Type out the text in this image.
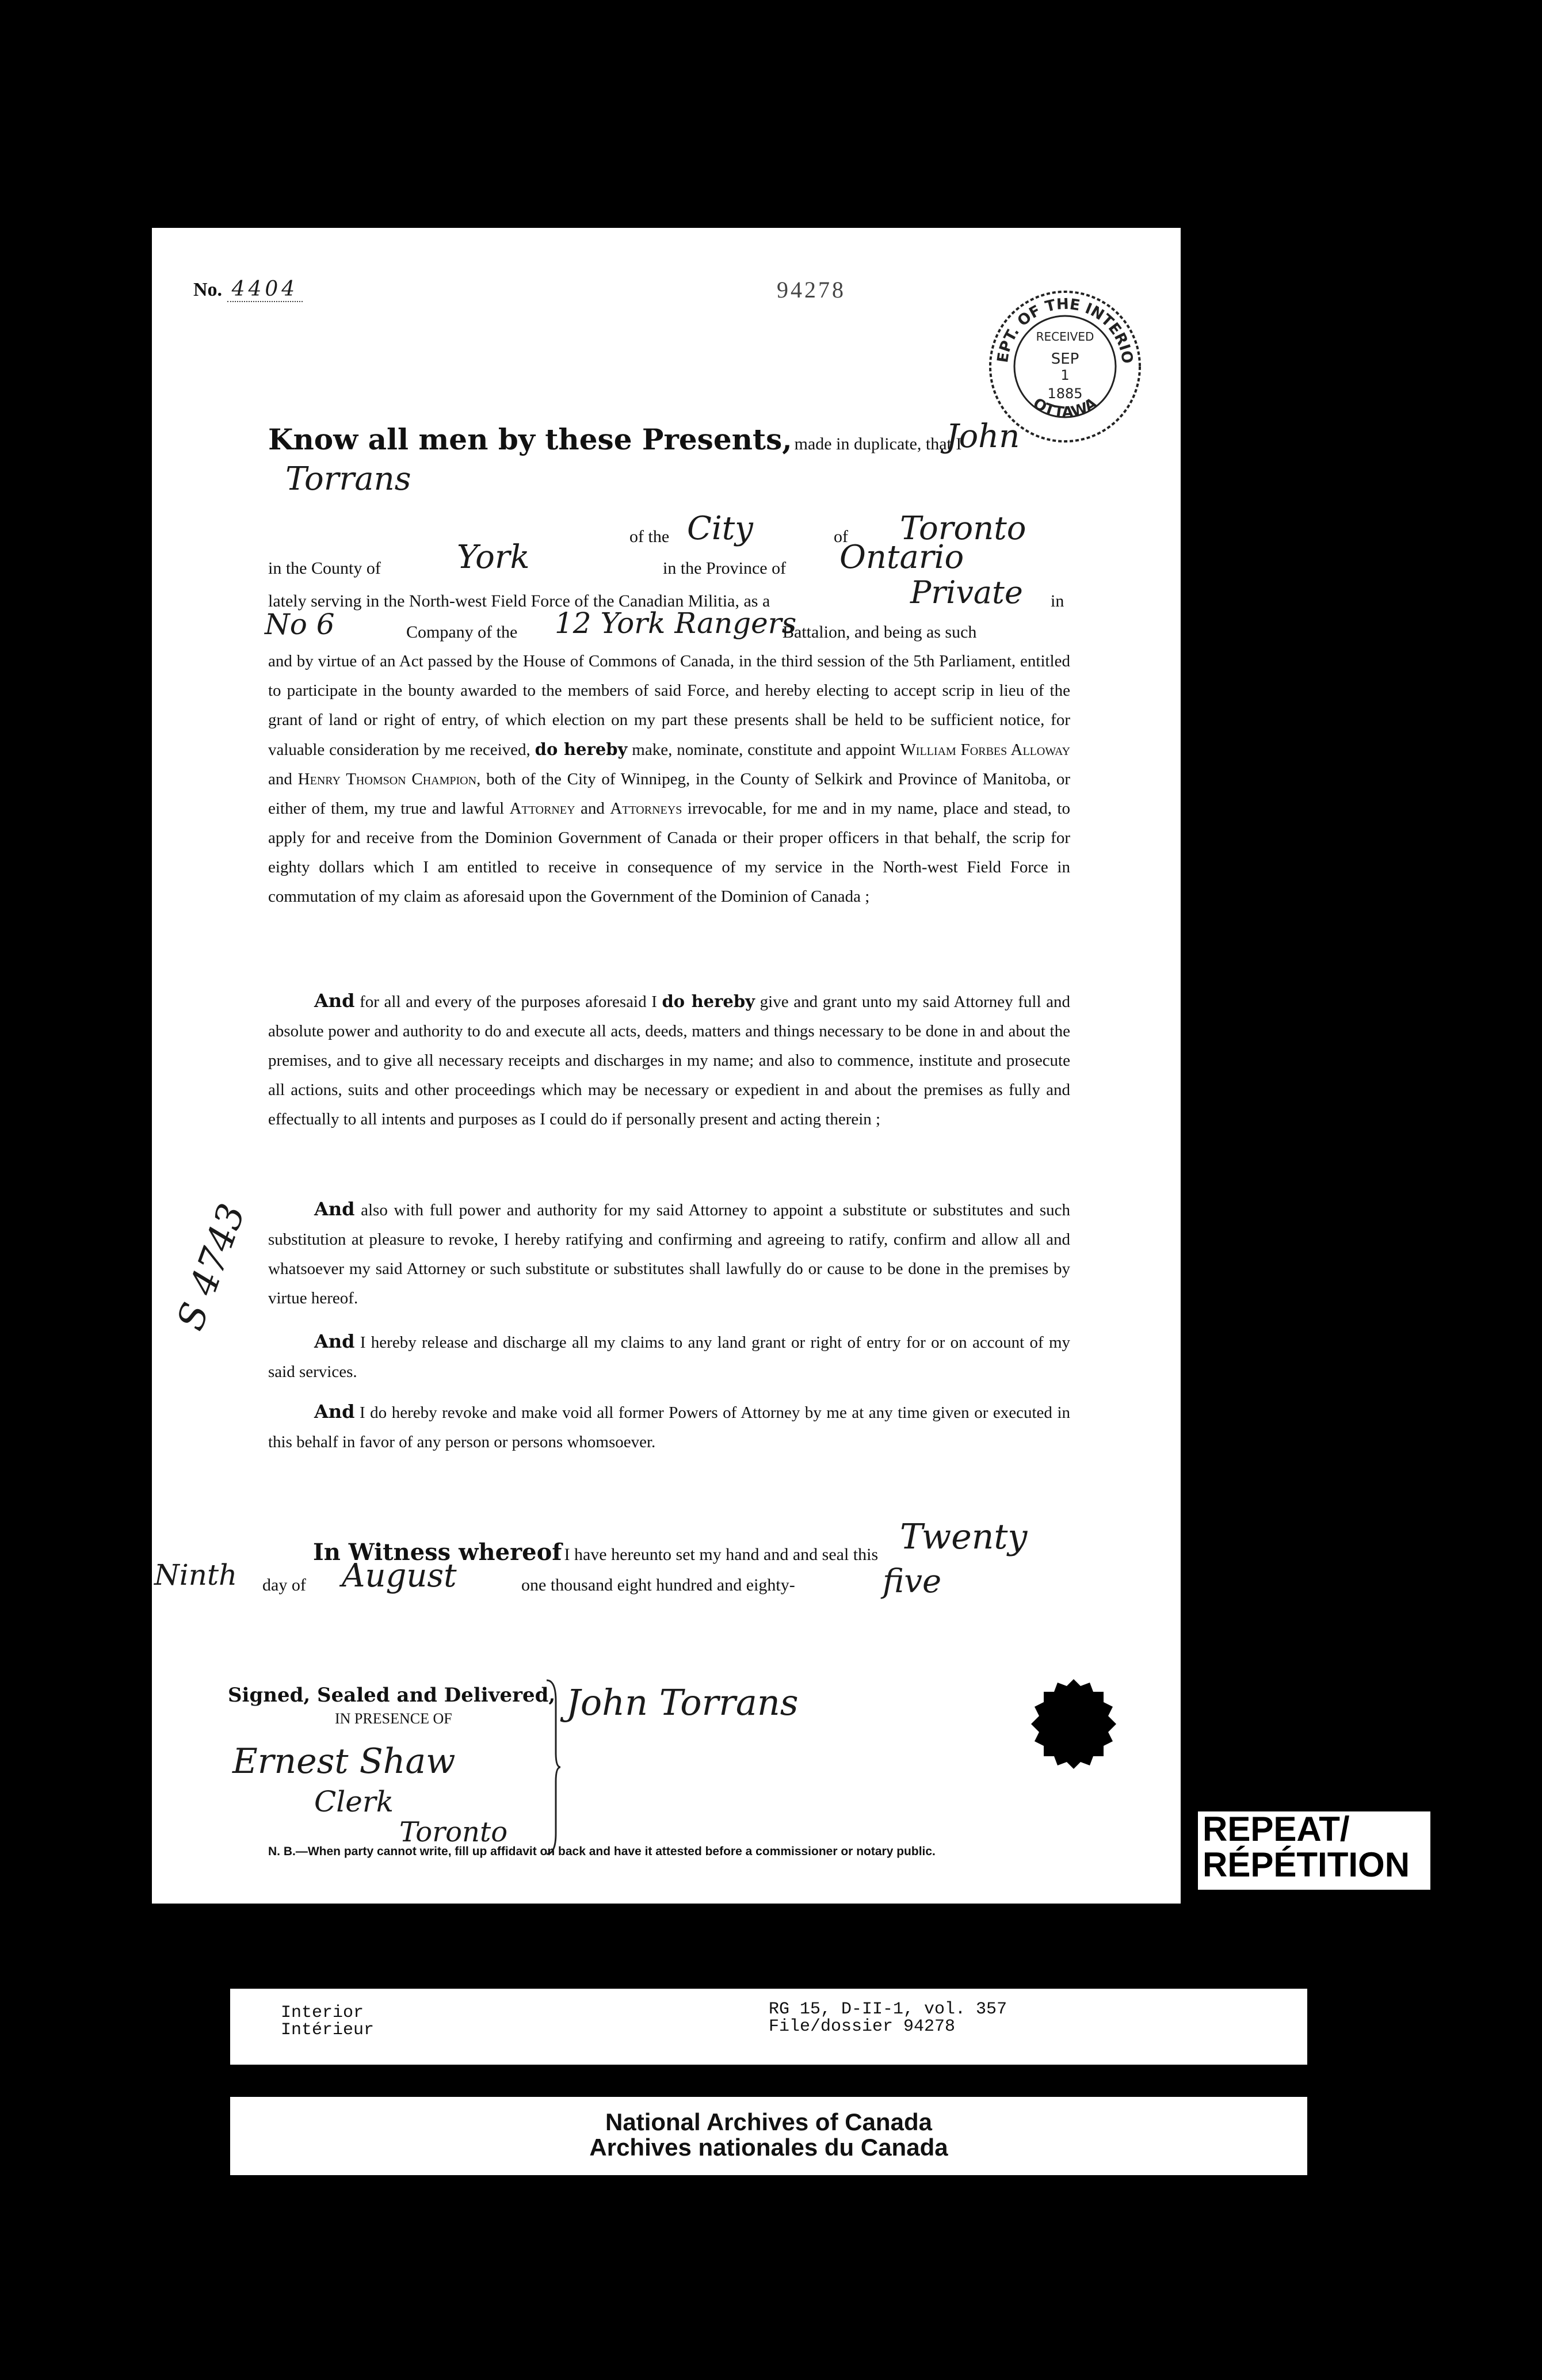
No. 4404	94278
EPT. OF THE INTERIO
OTTAWA
RECEIVED
SEP
1
1885
Know all men by these Presents, made in duplicate, that I
John
Torrans
of the City	of Toronto
in the County of York	in the Province of Ontario
lately serving in the North-west Field Force of the Canadian Militia, as a	Private in
No 6	Company of the 12 York Rangers
Battalion, and being as such

and by virtue of an Act passed by the House of Commons of Canada, in the third session of the 5th Parliament, entitled to participate in the bounty awarded to the members of said Force, and hereby electing to accept scrip in lieu of the grant of land or right of entry, of which election on my part these presents shall be held to be sufficient notice, for valuable consideration by me received, do hereby make, nominate, constitute and appoint William Forbes Alloway and Henry Thomson Champion, both of the City of Winnipeg, in the County of Selkirk and Province of Manitoba, or either of them, my true and lawful Attorney and Attorneys irrevocable, for me and in my name, place and stead, to apply for and receive from the Dominion Government of Canada or their proper officers in that behalf, the scrip for eighty dollars which I am entitled to receive in consequence of my service in the North-west Field Force in commutation of my claim as aforesaid upon the Government of the Dominion of Canada ;

And for all and every of the purposes aforesaid I do hereby give and grant unto my said Attorney full and absolute power and authority to do and execute all acts, deeds, matters and things necessary to be done in and about the premises, and to give all necessary receipts and discharges in my name; and also to commence, institute and prosecute all actions, suits and other proceedings which may be necessary or expedient in and about the premises as fully and effectually to all intents and purposes as I could do if personally present and acting therein ;

And also with full power and authority for my said Attorney to appoint a substitute or substitutes and such substitution at pleasure to revoke, I hereby ratifying and confirming and agreeing to ratify, confirm and allow all and whatsoever my said Attorney or such substitute or substitutes shall lawfully do or cause to be done in the premises by virtue hereof.

And I hereby release and discharge all my claims to any land grant or right of entry for or on account of my said services.

And I do hereby revoke and make void all former Powers of Attorney by me at any time given or executed in this behalf in favor of any person or persons whomsoever.

S 4743
In Witness whereof I have hereunto set my hand and and seal this Twenty
Ninth day of August	one thousand eight hundred and eighty-	five
Signed, Sealed and Delivered,
IN PRESENCE OF	John Torrans
Ernest Shaw
Clerk
Toronto
N. B.—When party cannot write, fill up affidavit on back and have it attested before a commissioner or notary public.
REPEAT/
RÉPÉTITION
Interior
Intérieur
RG 15, D-II-1, vol. 357
File/dossier 94278
National Archives of Canada
Archives nationales du Canada
